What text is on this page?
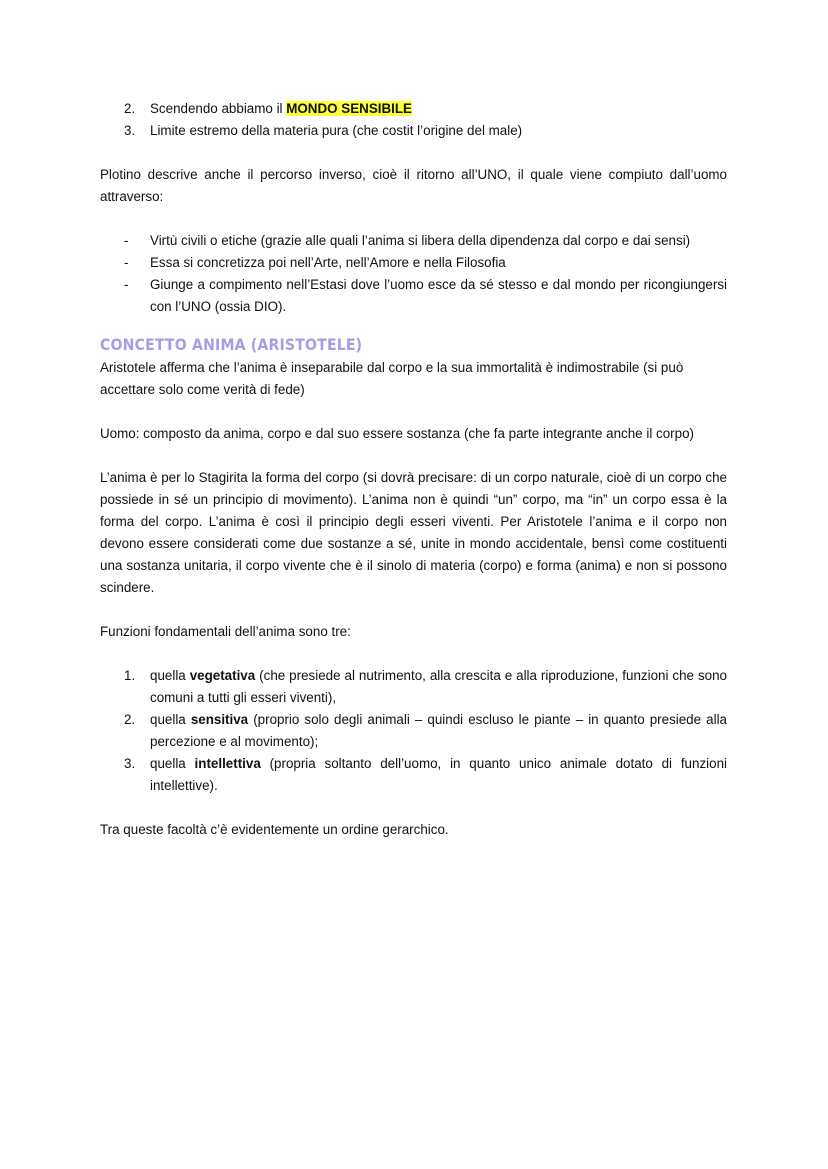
2. Scendendo abbiamo il MONDO SENSIBILE
3. Limite estremo della materia pura (che costit l’origine del male)

Plotino descrive anche il percorso inverso, cioè il ritorno all’UNO, il quale viene compiuto dall’uomo attraverso:

- Virtù civili o etiche (grazie alle quali l’anima si libera della dipendenza dal corpo e dai sensi)
- Essa si concretizza poi nell’Arte, nell’Amore e nella Filosofia
- Giunge a compimento nell’Estasi dove l’uomo esce da sé stesso e dal mondo per ricongiungersi con l’UNO (ossia DIO).
CONCETTO ANIMA (ARISTOTELE)

Aristotele afferma che l’anima è inseparabile dal corpo e la sua immortalità è indimostrabile (si può accettare solo come verità di fede)

Uomo: composto da anima, corpo e dal suo essere sostanza (che fa parte integrante anche il corpo)

L’anima è per lo Stagirita la forma del corpo (si dovrà precisare: di un corpo naturale, cioè di un corpo che possiede in sé un principio di movimento). L’anima non è quindi “un” corpo, ma “in” un corpo essa è la forma del corpo. L’anima è così il principio degli esseri viventi. Per Aristotele l’anima e il corpo non devono essere considerati come due sostanze a sé, unite in mondo accidentale, bensì come costituenti una sostanza unitaria, il corpo vivente che è il sinolo di materia (corpo) e forma (anima) e non si possono scindere.

Funzioni fondamentali dell’anima sono tre:

1. quella vegetativa (che presiede al nutrimento, alla crescita e alla riproduzione, funzioni che sono comuni a tutti gli esseri viventi),
2. quella sensitiva (proprio solo degli animali – quindi escluso le piante – in quanto presiede alla percezione e al movimento);
3. quella intellettiva (propria soltanto dell’uomo, in quanto unico animale dotato di funzioni intellettive).

Tra queste facoltà c’è evidentemente un ordine gerarchico.
